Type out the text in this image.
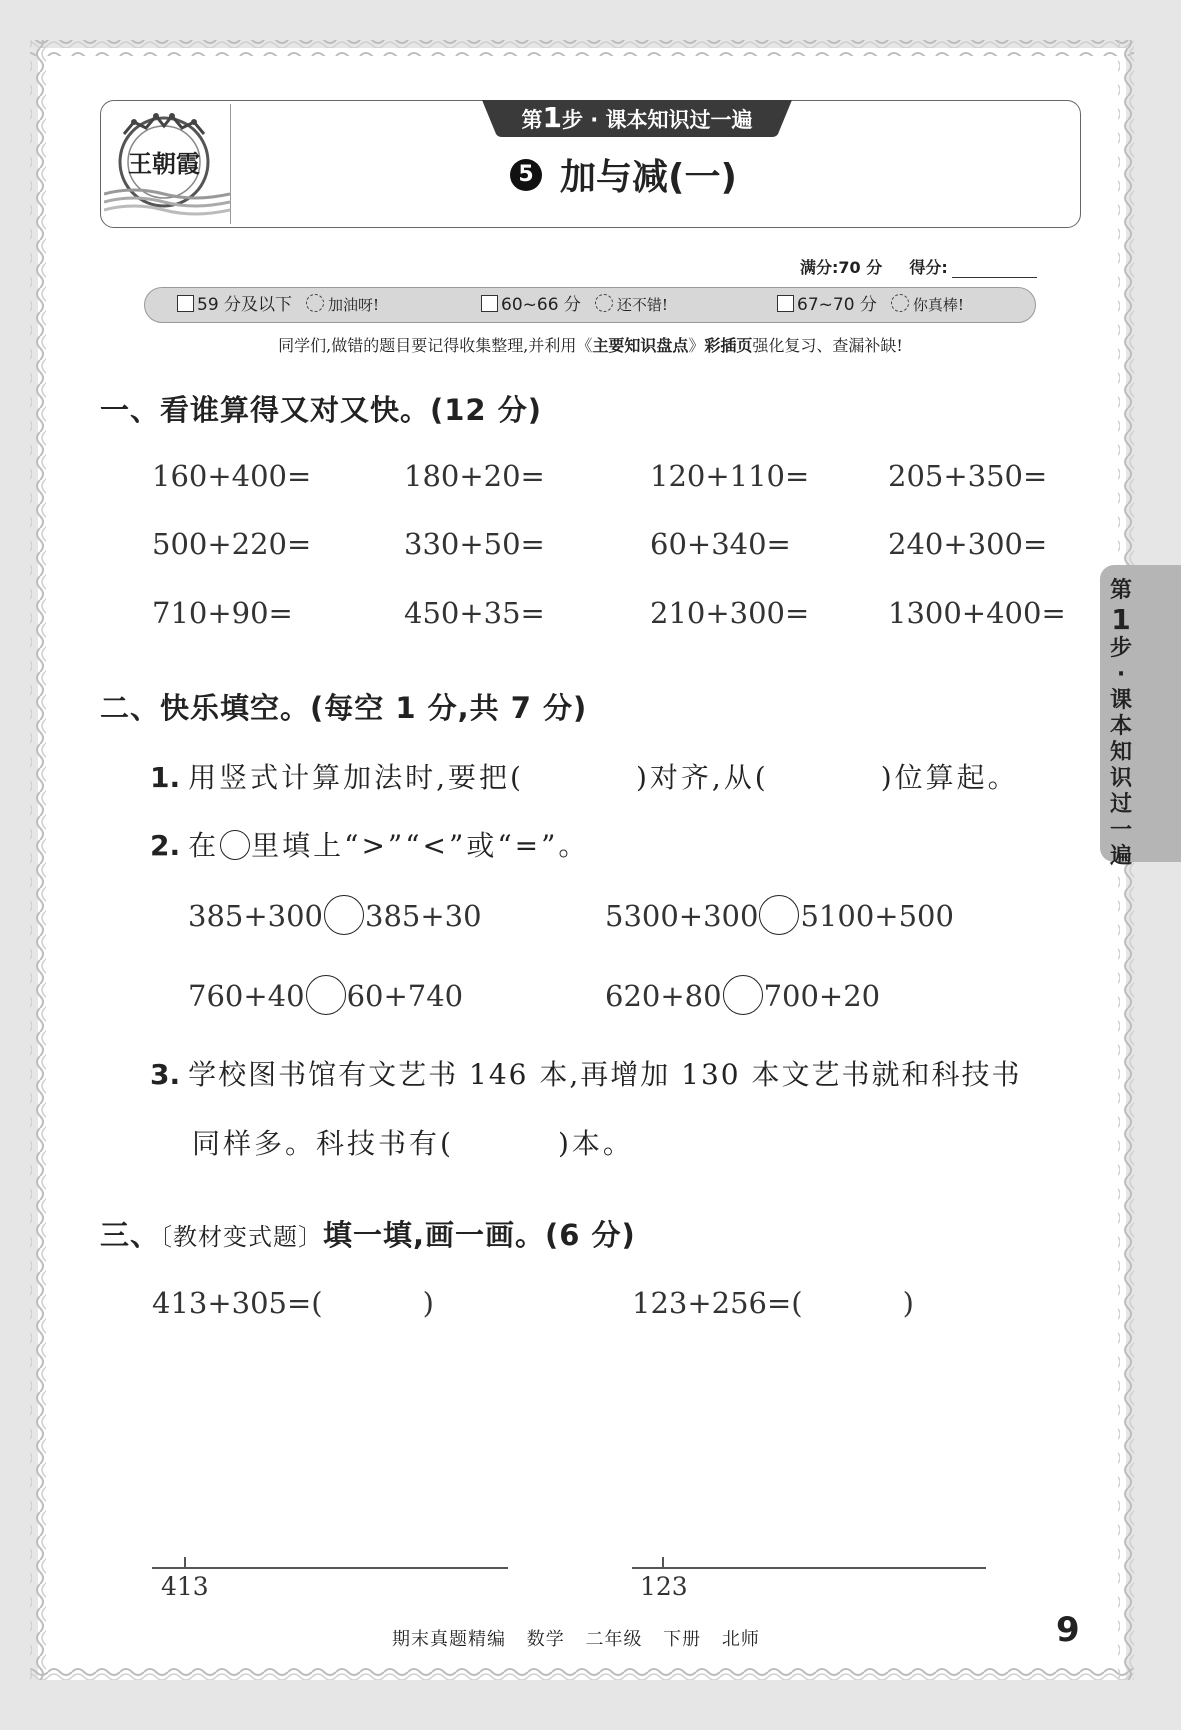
王朝霞
第1步 · 课本知识过一遍
5 加与减(一)
满分:70 分 得分:
59 分及以下 加油呀!	60~66 分 还不错!	67~70 分 你真棒!
同学们,做错的题目要记得收集整理,并利用《主要知识盘点》彩插页强化复习、查漏补缺!
一、看谁算得又对又快。(12 分)
160+400=	180+20=	120+110=	205+350=
500+220=	330+50=	60+340=	240+300=
710+90=	450+35=	210+300=	1300+400=
二、快乐填空。(每空 1 分,共 7 分)
1. 用竖式计算加法时,要把(	)对齐,从(	)位算起。
2. 在 里填上“>”“<”或“=”。
385+300 385+30	5300+300 5100+500
760+40 60+740	620+80 700+20
3. 学校图书馆有文艺书 146 本,再增加 130 本文艺书就和科技书
同样多。科技书有(	)本。
三、〔教材变式题〕填一填,画一画。(6 分)
413+305=(	)	123+256=(	)
413	123
第
1
步·课本知识过一遍
期末真题精编 数学 二年级 下册 北师	9
